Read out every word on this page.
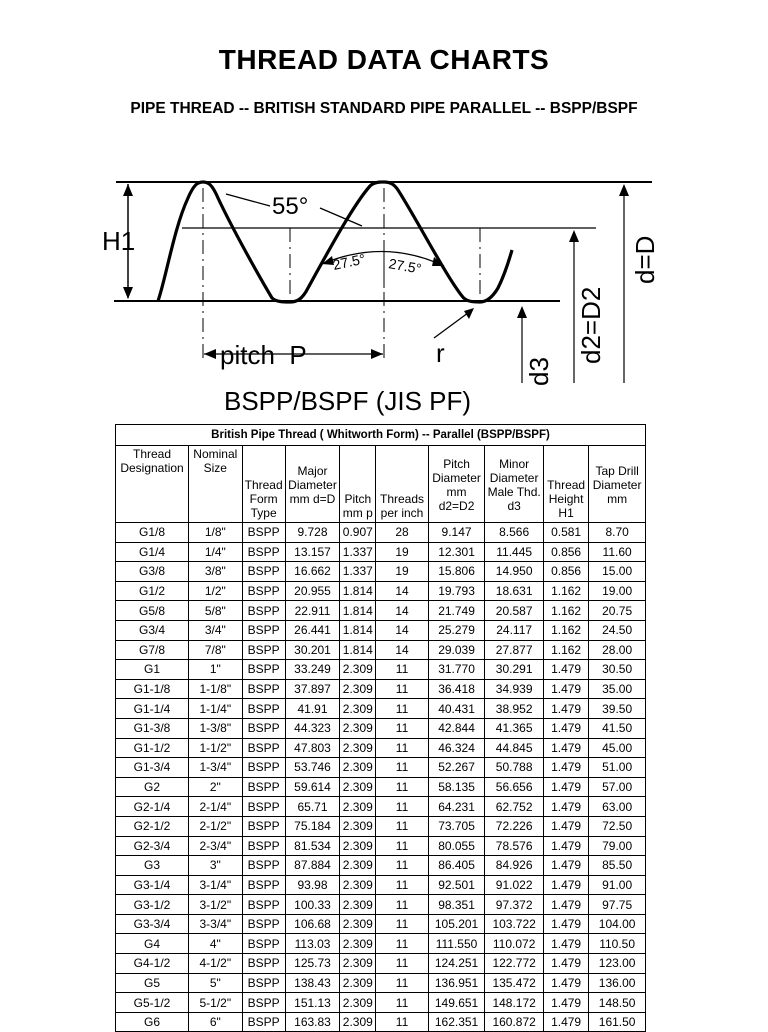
THREAD DATA CHARTS
PIPE THREAD -- BRITISH STANDARD PIPE PARALLEL -- BSPP/BSPF
55°
27.5° 27.5°
H1	d=D
d2=D2
d3
r
pitch  P
BSPP/BSPF (JIS PF)
British Pipe Thread ( Whitworth Form) -- Parallel (BSPP/BSPF)									
Thread Designation	Nominal Size	Thread Form Type	Major Diameter mm d=D	Pitch mm p	Threads per inch	Pitch Diameter mm d2=D2	Minor Diameter Male Thd. d3	Thread Height H1	Tap Drill Diameter mm
G1/8	1/8"	BSPP	9.728	0.907	28	9.147	8.566	0.581	8.70
G1/4	1/4"	BSPP	13.157	1.337	19	12.301	11.445	0.856	11.60
G3/8	3/8"	BSPP	16.662	1.337	19	15.806	14.950	0.856	15.00
G1/2	1/2"	BSPP	20.955	1.814	14	19.793	18.631	1.162	19.00
G5/8	5/8"	BSPP	22.911	1.814	14	21.749	20.587	1.162	20.75
G3/4	3/4"	BSPP	26.441	1.814	14	25.279	24.117	1.162	24.50
G7/8	7/8"	BSPP	30.201	1.814	14	29.039	27.877	1.162	28.00
G1	1"	BSPP	33.249	2.309	11	31.770	30.291	1.479	30.50
G1-1/8	1-1/8"	BSPP	37.897	2.309	11	36.418	34.939	1.479	35.00
G1-1/4	1-1/4"	BSPP	41.91	2.309	11	40.431	38.952	1.479	39.50
G1-3/8	1-3/8"	BSPP	44.323	2.309	11	42.844	41.365	1.479	41.50
G1-1/2	1-1/2"	BSPP	47.803	2.309	11	46.324	44.845	1.479	45.00
G1-3/4	1-3/4"	BSPP	53.746	2.309	11	52.267	50.788	1.479	51.00
G2	2"	BSPP	59.614	2.309	11	58.135	56.656	1.479	57.00
G2-1/4	2-1/4"	BSPP	65.71	2.309	11	64.231	62.752	1.479	63.00
G2-1/2	2-1/2"	BSPP	75.184	2.309	11	73.705	72.226	1.479	72.50
G2-3/4	2-3/4"	BSPP	81.534	2.309	11	80.055	78.576	1.479	79.00
G3	3"	BSPP	87.884	2.309	11	86.405	84.926	1.479	85.50
G3-1/4	3-1/4"	BSPP	93.98	2.309	11	92.501	91.022	1.479	91.00
G3-1/2	3-1/2"	BSPP	100.33	2.309	11	98.351	97.372	1.479	97.75
G3-3/4	3-3/4"	BSPP	106.68	2.309	11	105.201	103.722	1.479	104.00
G4	4"	BSPP	113.03	2.309	11	111.550	110.072	1.479	110.50
G4-1/2	4-1/2"	BSPP	125.73	2.309	11	124.251	122.772	1.479	123.00
G5	5"	BSPP	138.43	2.309	11	136.951	135.472	1.479	136.00
G5-1/2	5-1/2"	BSPP	151.13	2.309	11	149.651	148.172	1.479	148.50
G6	6"	BSPP	163.83	2.309	11	162.351	160.872	1.479	161.50
